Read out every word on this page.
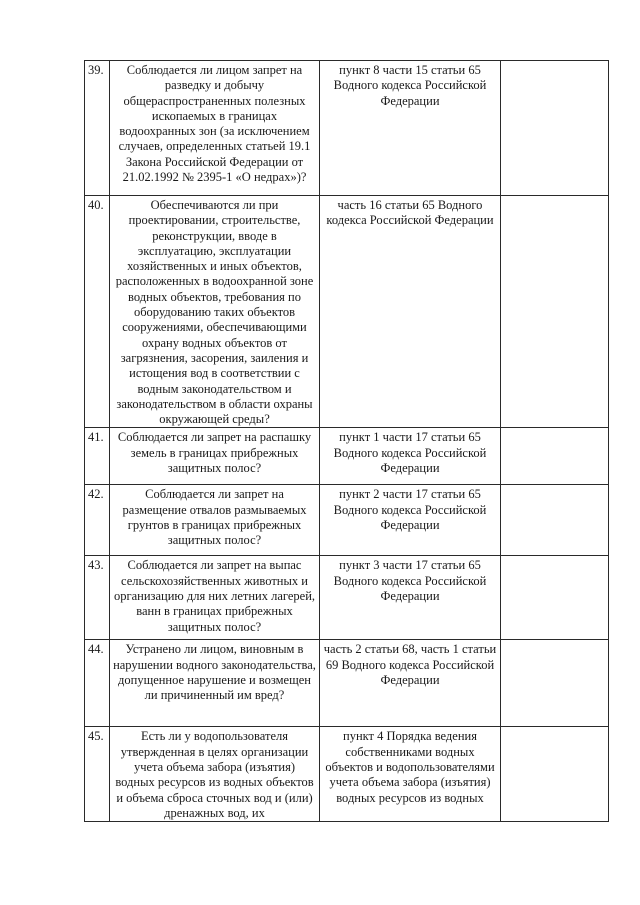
39.	Соблюдается ли лицом запрет на разведку и добычу общераспространенных полезных ископаемых в границах водоохранных зон (за исключением случаев, определенных статьей 19.1 Закона Российской Федерации от 21.02.1992 № 2395-1 «О недрах»)?	пункт 8 части 15 статьи 65 Водного кодекса Российской Федерации	
40.	Обеспечиваются ли при проектировании, строительстве, реконструкции, вводе в эксплуатацию, эксплуатации хозяйственных и иных объектов, расположенных в водоохранной зоне водных объектов, требования по оборудованию таких объектов сооружениями, обеспечивающими охрану водных объектов от загрязнения, засорения, заиления и истощения вод в соответствии с водным законодательством и законодательством в области охраны окружающей среды?	часть 16 статьи 65 Водного кодекса Российской Федерации	
41.	Соблюдается ли запрет на распашку земель в границах прибрежных защитных полос?	пункт 1 части 17 статьи 65 Водного кодекса Российской Федерации	
42.	Соблюдается ли запрет на размещение отвалов размываемых грунтов в границах прибрежных защитных полос?	пункт 2 части 17 статьи 65 Водного кодекса Российской Федерации	
43.	Соблюдается ли запрет на выпас сельскохозяйственных животных и организацию для них летних лагерей, ванн в границах прибрежных защитных полос?	пункт 3 части 17 статьи 65 Водного кодекса Российской Федерации	
44.	Устранено ли лицом, виновным в нарушении водного законодательства, допущенное нарушение и возмещен ли причиненный им вред?	часть 2 статьи 68, часть 1 статьи 69 Водного кодекса Российской Федерации	
45.	Есть ли у водопользователя утвержденная в целях организации учета объема забора (изъятия) водных ресурсов из водных объектов и объема сброса сточных вод и (или) дренажных вод, их	пункт 4 Порядка ведения собственниками водных объектов и водопользователями учета объема забора (изъятия) водных ресурсов из водных	
